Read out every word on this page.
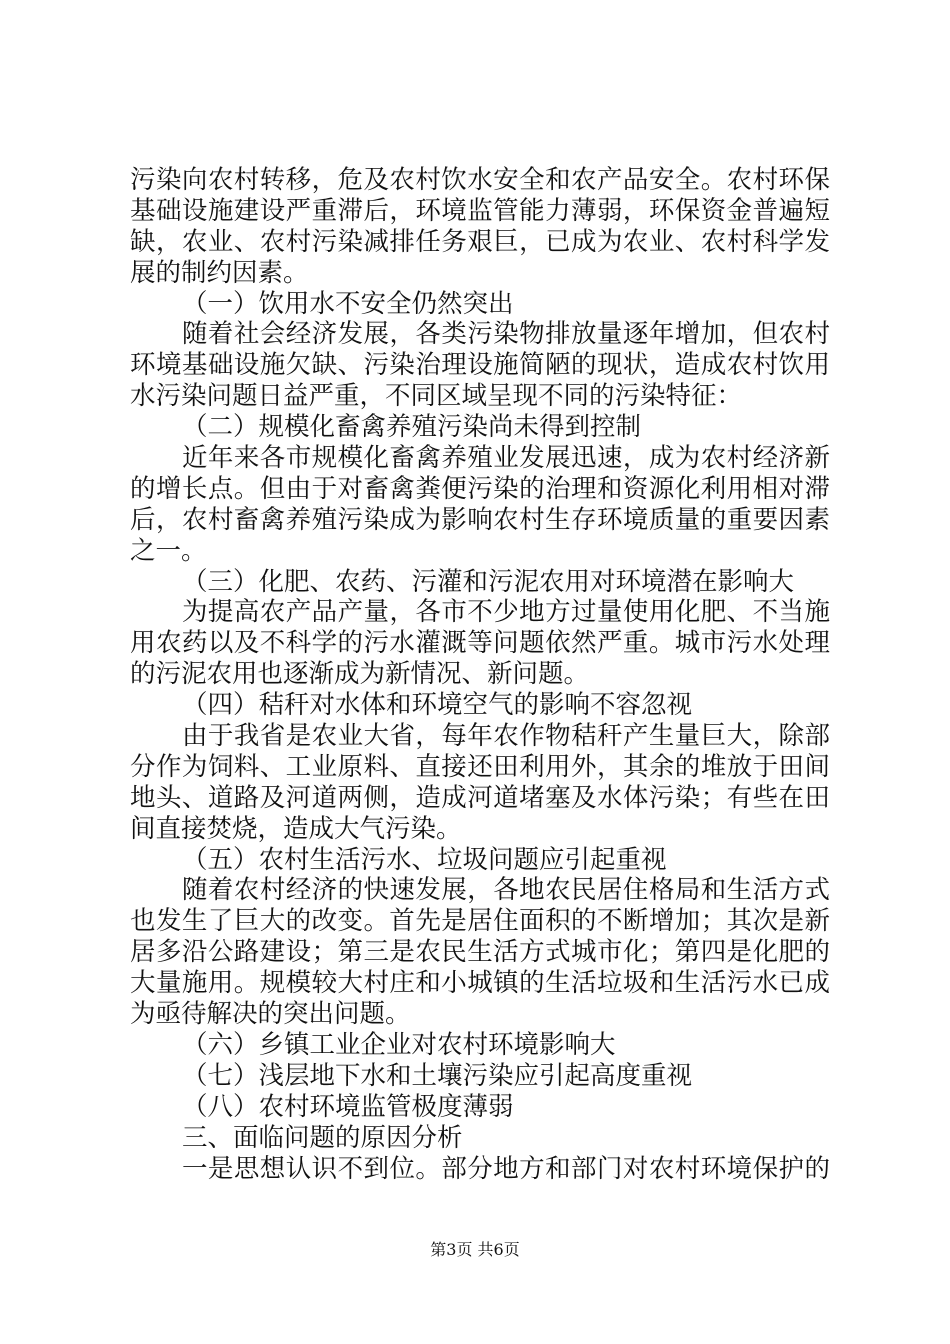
污染向农村转移，危及农村饮水安全和农产品安全。农村环保
基础设施建设严重滞后，环境监管能力薄弱，环保资金普遍短
缺，农业、农村污染减排任务艰巨，已成为农业、农村科学发
展的制约因素。
（一）饮用水不安全仍然突出
随着社会经济发展，各类污染物排放量逐年增加，但农村
环境基础设施欠缺、污染治理设施简陋的现状，造成农村饮用
水污染问题日益严重，不同区域呈现不同的污染特征：
（二）规模化畜禽养殖污染尚未得到控制
近年来各市规模化畜禽养殖业发展迅速，成为农村经济新
的增长点。但由于对畜禽粪便污染的治理和资源化利用相对滞
后，农村畜禽养殖污染成为影响农村生存环境质量的重要因素
之一。
（三）化肥、农药、污灌和污泥农用对环境潜在影响大
为提高农产品产量，各市不少地方过量使用化肥、不当施
用农药以及不科学的污水灌溉等问题依然严重。城市污水处理
的污泥农用也逐渐成为新情况、新问题。
（四）秸秆对水体和环境空气的影响不容忽视
由于我省是农业大省，每年农作物秸秆产生量巨大，除部
分作为饲料、工业原料、直接还田利用外，其余的堆放于田间
地头、道路及河道两侧，造成河道堵塞及水体污染；有些在田
间直接焚烧，造成大气污染。
（五）农村生活污水、垃圾问题应引起重视
随着农村经济的快速发展，各地农民居住格局和生活方式
也发生了巨大的改变。首先是居住面积的不断增加；其次是新
居多沿公路建设；第三是农民生活方式城市化；第四是化肥的
大量施用。规模较大村庄和小城镇的生活垃圾和生活污水已成
为亟待解决的突出问题。
（六）乡镇工业企业对农村环境影响大
（七）浅层地下水和土壤污染应引起高度重视
（八）农村环境监管极度薄弱
三、面临问题的原因分析
一是思想认识不到位。部分地方和部门对农村环境保护的
第3页 共6页
